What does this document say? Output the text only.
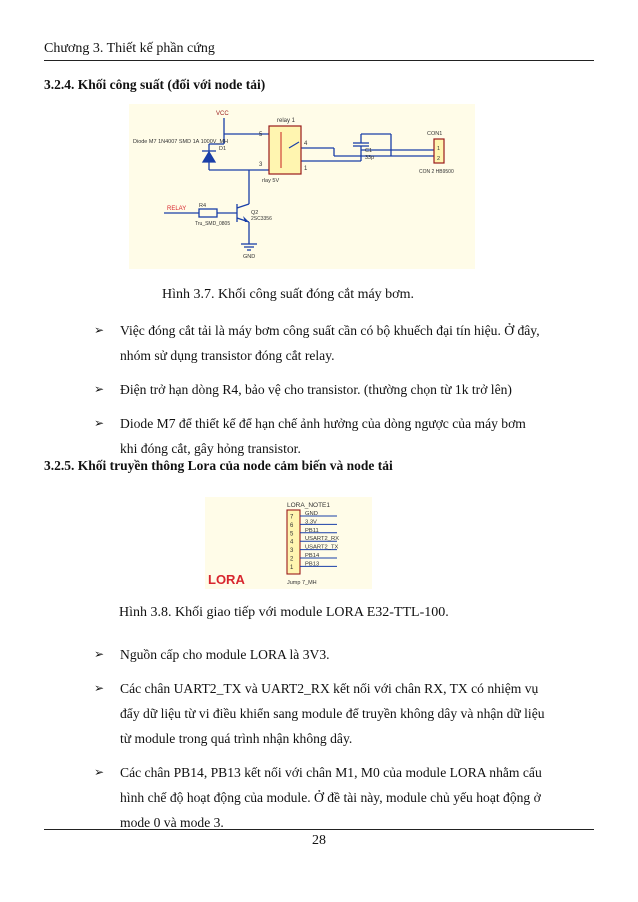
Chương 3. Thiết kế phần cứng
3.2.4. Khối công suất (đối với node tải)
VCC
relay 1
Diode M7 1N4007 SMD 1A 1000V_MH
D1
5
3
4
1
rlay 5V
RELAY R4
Tru_SMD_0805
Q2
2SC3356
GND
C1
33p
CON1
1
2
CON 2 HB9500
Hình 3.7. Khối công suất đóng cắt máy bơm.
➢ Việc đóng cắt tải là máy bơm công suất cần có bộ khuếch đại tín hiệu. Ở đây, nhóm sử dụng transistor đóng cắt relay.
➢ Điện trở hạn dòng R4, bảo vệ cho transistor. (thường chọn từ 1k trở lên)
➢ Diode M7 để thiết kế để hạn chế ảnh hưởng của dòng ngược của máy bơm khi đóng cắt, gây hỏng transistor.
3.2.5. Khối truyền thông Lora của node cảm biến và node tải
LORA_NOTE1
7
GND
6
3.3V
5
PB11
4
USART2_RX
3
USART2_TX
2
PB14
1
PB13
Jump 7_MH
LORA
Hình 3.8. Khối giao tiếp với module LORA E32-TTL-100.
➢ Nguồn cấp cho module LORA là 3V3.
➢ Các chân UART2_TX và UART2_RX kết nối với chân RX, TX có nhiệm vụ đẩy dữ liệu từ vi điều khiển sang module để truyền không dây và nhận dữ liệu từ module trong quá trình nhận không dây.
➢ Các chân PB14, PB13 kết nối với chân M1, M0 của module LORA nhằm cấu hình chế độ hoạt động của module. Ở đề tài này, module chủ yếu hoạt động ở mode 0 và mode 3.
28
